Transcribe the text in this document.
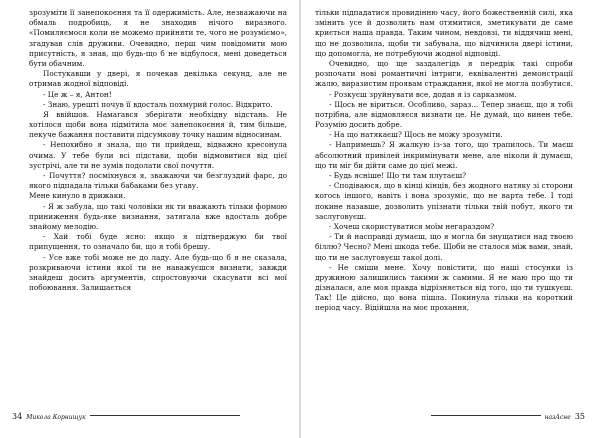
зрозуміти її занепокоєння та її одержимість. Але, незважаючи на обмаль подробиць, я не знаходив нічого виразного. «Помиляємося коли не можемо прийняти те, чого не розуміємо», згадував слів друживи. Очевидно, перш чим повідомити мою присутність, я знав, що будь-що б не відбулося, мені доведеться бути обачним.

Постукавши у двері, я почекав декілька секунд, але не отримав жодної відповіді.

- Це ж – я, Антон!

- Знаю, урешті почув її вдосталь похмурий голос. Відкрито.

Я ввійшов. Намагався зберігати необхідну відстань. Не хотілося щоби вона підмітила моє занепокоєння й, тим більше, пекуче бажання поставити підсумкову точку нашим відносинам.

- Непохибно я знала, що ти прийдеш, відважно кресонула очима. У тебе були всі підстави, щоби відмовитися від цієї зустрічі, але ти не зумів подолати свої почуття.

- Почуття? посміхнувся я, зважаючи чи безглуздий фарс, до якого підпадала тільки бабаками без угаву.

Мене кинуло в дрижаки.

- Я ж забула, що такі чоловіки як ти вважають тільки формою приниження будь-яке визнання, затягала вже вдосталь добре знайому мелодію.

- Хай тобі буде ясно: якщо я підтверджую би твої припущення, то означало би, що я тобі брешу.

- Усе вже тобі може не до ладу. Але будь-що б я не сказала, розкриваючи істини якої ти не наважуєшся визнати, завжди знайдеш досить аргументів, спростовуючи скасувати всі мої побоювання. Залишається

тільки підпадатися провидінню часу, його божественній силі, яка змінить усе й дозволить нам отямитися, зметикувати де саме криється наша правда. Таким чином, невдовзі, ти віддячиш мені, що не дозволила, щоби ти забувала, що відчинила двері істини, що допомогла, не потребуючи жодної відповіді.

Очевидно, що ще заздалегідь я передрік такі спроби розпочати нові романтичні інтриги, еквівалентні демонстрації жалю, виразистим проявам страждання, якої не могла позбутися.

- Розкуєш зруйнувати все, додав я із сарказмом.

- Щось не віриться. Особливо, зараз... Тепер знаєш, що я тобі потрібна, але відмовляєся визнати це. Не думай, що винен тебе. Розумію досить добре.

- На що натякаєш? Щось не можу зрозуміти.

- Напримешь? Я жалкую із-за того, що трапилось. Ти маєш абсолютний привілей інкримінувати мене, але ніколи й думаєш, що ти міг би дійти саме до цієї межі.

- Будь ясніше! Що ти там плутаєш?

- Сподіваюся, що в кінці кінців, без жодного натяку зі сторони когось іншого, навіть і вона зрозуміє, що не варта тебе. І тоді покине назавше, дозволить упізнати тільки твій побут, якого ти заслуговуєш.

- Хочеш скористуватися моїм негараздом?

- Ти й насправді думаєш, що я могла би знущатися над твоєю біллю? Чесно? Мені шкода тебе. Щоби не сталося між вами, знай, що ти не заслуговуєш такої долі.

- Не сміши мене. Хочу повістити, що наші стосунки із дружиною залишились такими ж самими. Я не маю про що ти дізналася, але моя правда відрізняється від того, що ти тушкуєш. Так! Це дійсно, що вона пішла. Покинула тільки на короткий період часу. Відійшла на моє прохання,

34 Микола Корнищук	назАсне 35
